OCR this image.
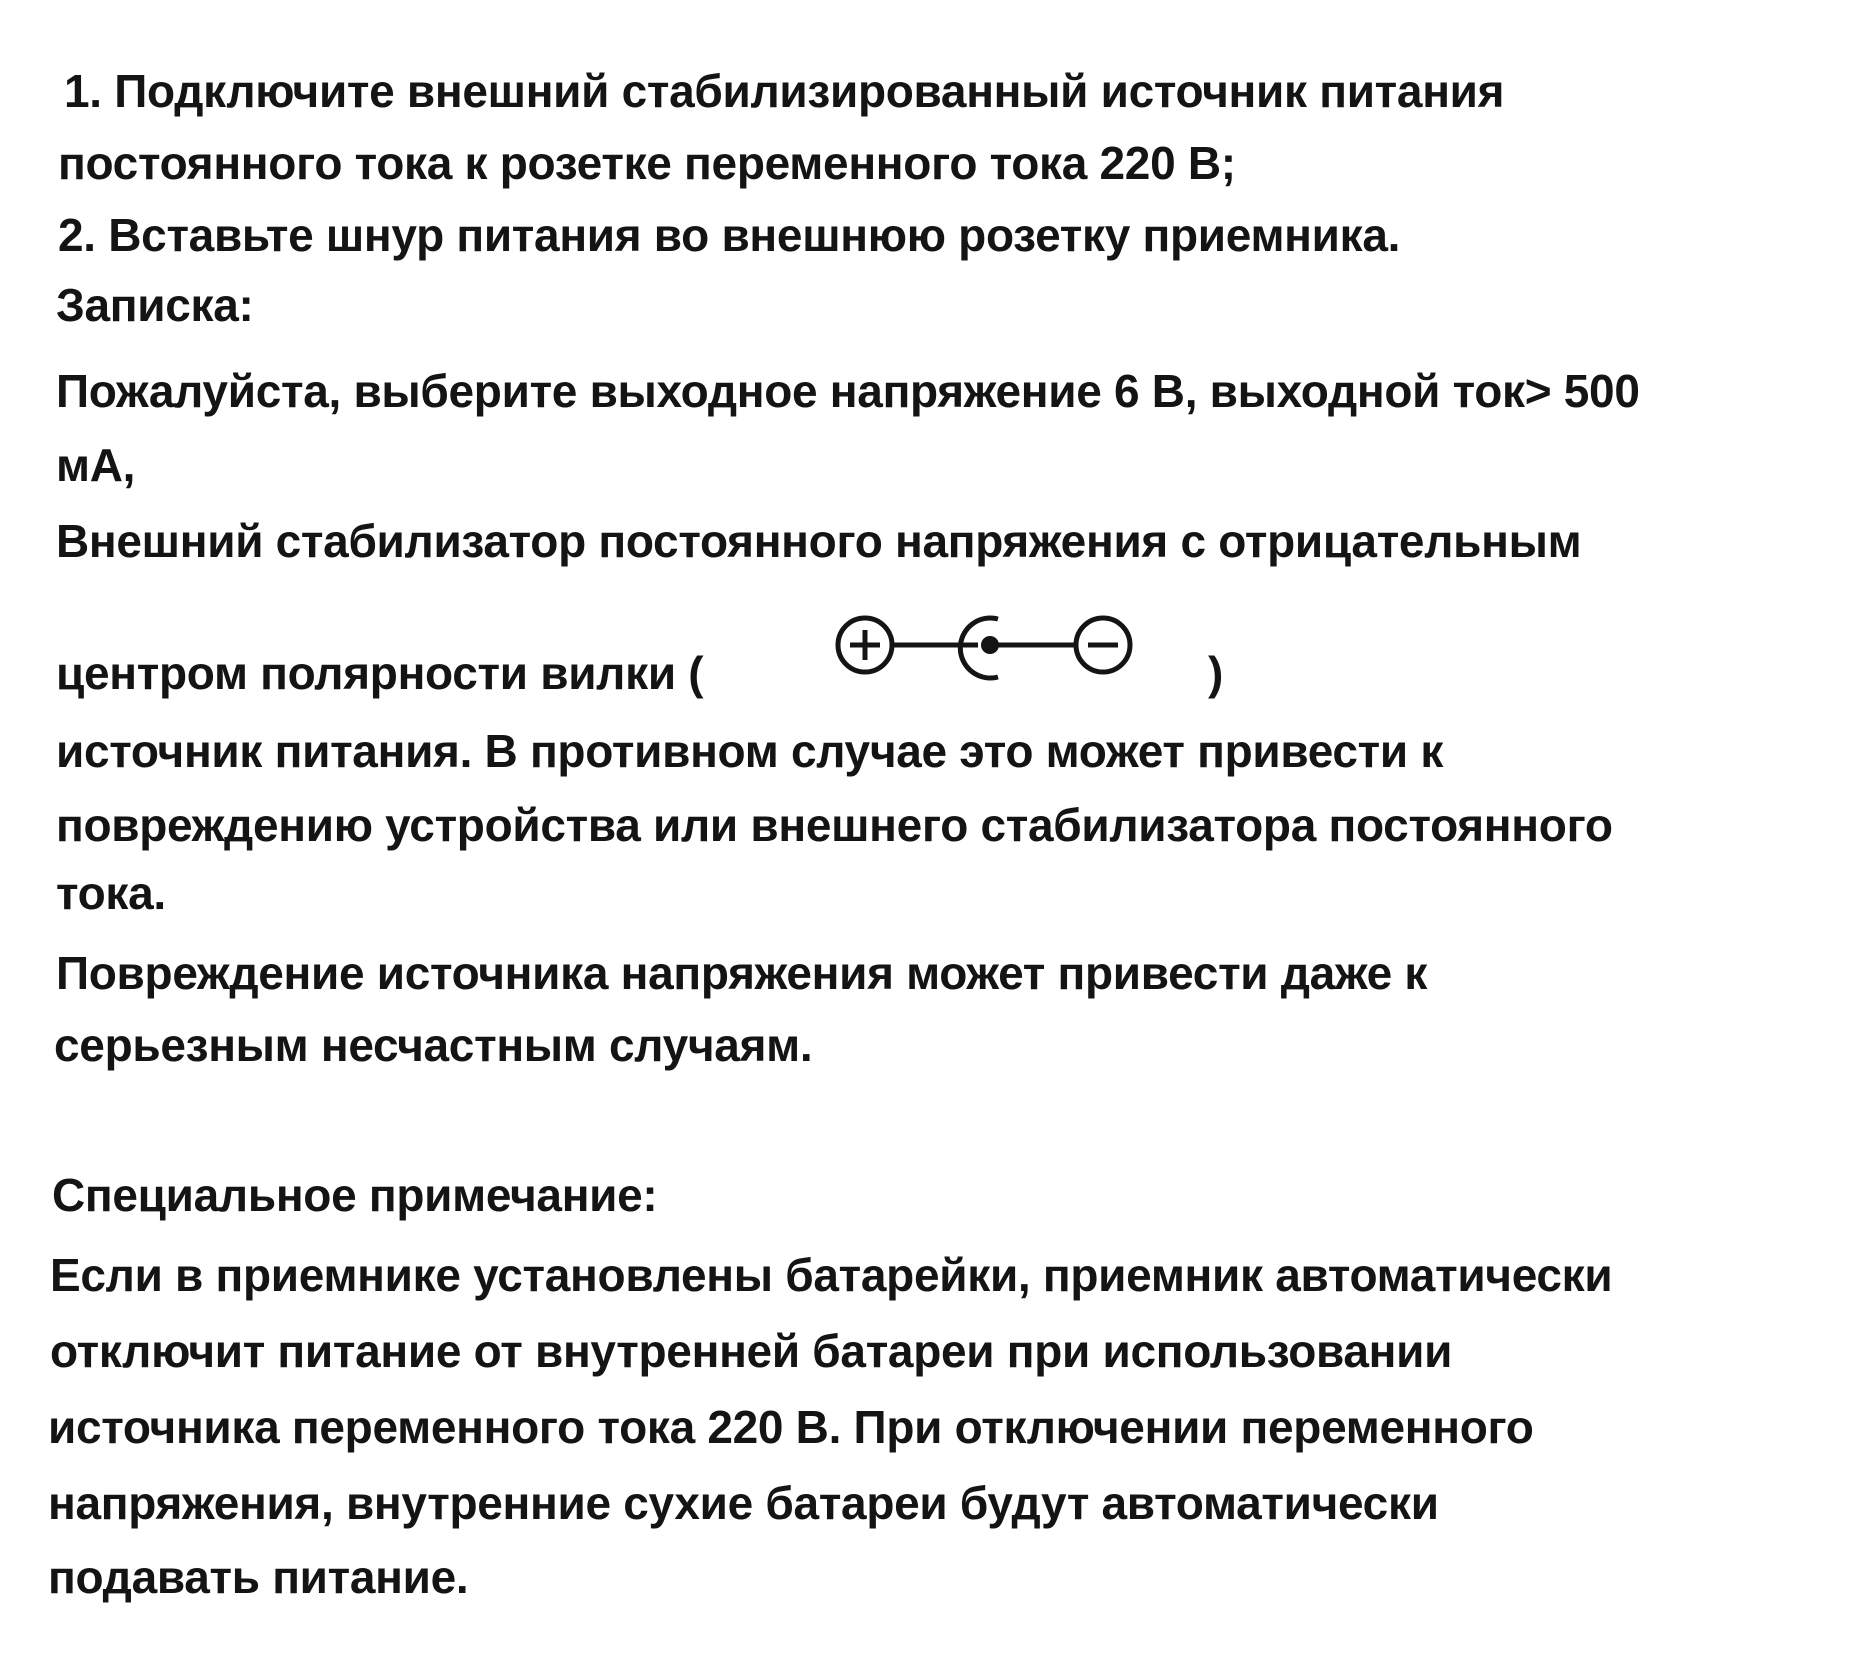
1. Подключите внешний стабилизированный источник питания
постоянного тока к розетке переменного тока 220 В;
2. Вставьте шнур питания во внешнюю розетку приемника.
Записка:
Пожалуйста, выберите выходное напряжение 6 В, выходной ток> 500
мА,
Внешний стабилизатор постоянного напряжения с отрицательным
центром полярности вилки (	)
источник питания. В противном случае это может привести к
повреждению устройства или внешнего стабилизатора постоянного
тока.
Повреждение источника напряжения может привести даже к
серьезным несчастным случаям.
Специальное примечание:
Если в приемнике установлены батарейки, приемник автоматически
отключит питание от внутренней батареи при использовании
источника переменного тока 220 В. При отключении переменного
напряжения, внутренние сухие батареи будут автоматически
подавать питание.
